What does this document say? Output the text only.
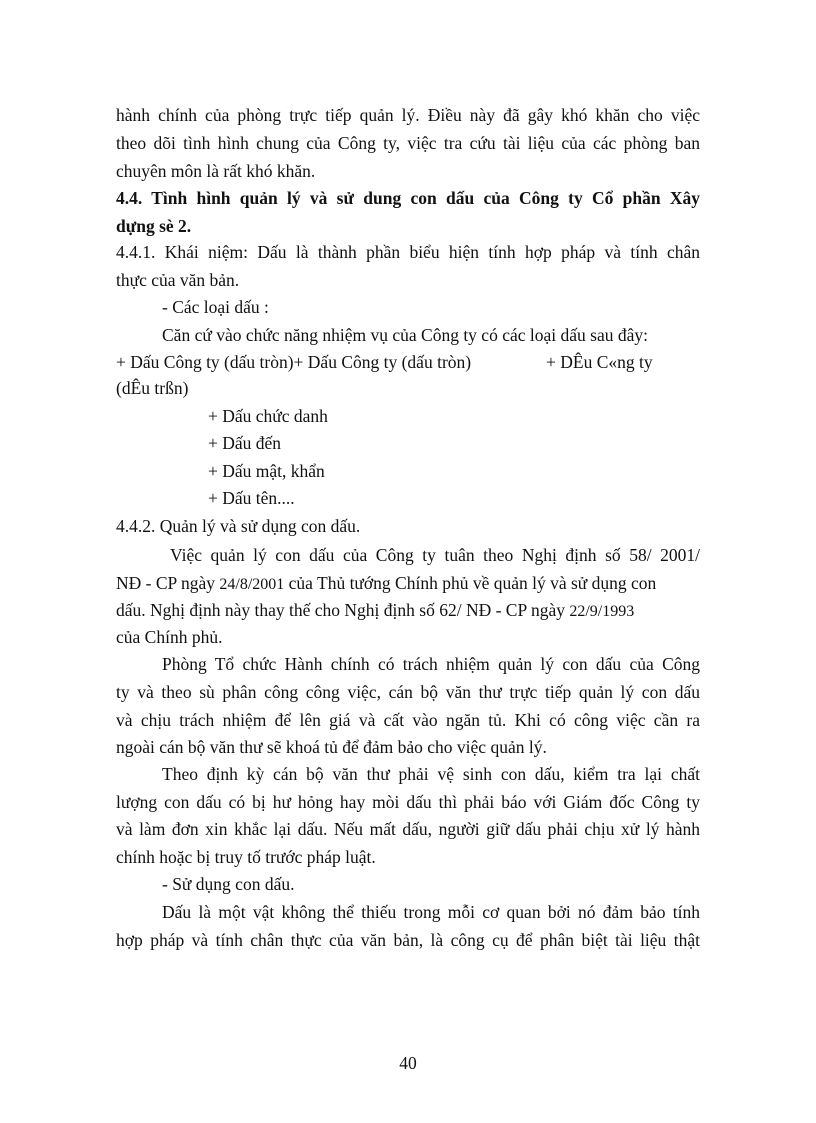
hành chính của phòng trực tiếp quản lý. Điều này đã gây khó khăn cho việc
theo dõi tình hình chung của Công ty, việc tra cứu tài liệu của các phòng ban
chuyên môn là rất khó khăn.
4.4. Tình hình quản lý và sử dung con dấu của Công ty Cổ phần Xây
dựng sè 2.
4.4.1. Khái niệm: Dấu là thành phần biểu hiện tính hợp pháp và tính chân
thực của văn bản.
- Các loại dấu :
Căn cứ vào chức năng nhiệm vụ của Công ty có các loại dấu sau đây:
+ Dấu Công ty (dấu tròn)+ Dấu Công ty (dấu tròn)	+ DÊu C«ng ty
(dÊu trßn)
+ Dấu chức danh
+ Dấu đến
+ Dấu mật, khẩn
+ Dấu tên....
4.4.2. Quản lý và sử dụng con dấu.
Việc quản lý con dấu của Công ty tuân theo Nghị định số 58/ 2001/
NĐ - CP ngày 24/8/2001 của Thủ tướng Chính phủ về quản lý và sử dụng con
dấu. Nghị định này thay thế cho Nghị định số 62/ NĐ - CP ngày 22/9/1993
của Chính phủ.
Phòng Tổ chức Hành chính có trách nhiệm quản lý con dấu của Công
ty và theo sù phân công công việc, cán bộ văn thư trực tiếp quản lý con dấu
và chịu trách nhiệm để lên giá và cất vào ngăn tủ. Khi có công việc cần ra
ngoài cán bộ văn thư sẽ khoá tủ để đảm bảo cho việc quản lý.
Theo định kỳ cán bộ văn thư phải vệ sinh con dấu, kiểm tra lại chất
lượng con dấu có bị hư hỏng hay mòi dấu thì phải báo với Giám đốc Công ty
và làm đơn xin khắc lại dấu. Nếu mất dấu, người giữ dấu phải chịu xử lý hành
chính hoặc bị truy tố trước pháp luật.
- Sử dụng con dấu.
Dấu là một vật không thể thiếu trong mỗi cơ quan bởi nó đảm bảo tính
hợp pháp và tính chân thực của văn bản, là công cụ để phân biệt tài liệu thật
40
